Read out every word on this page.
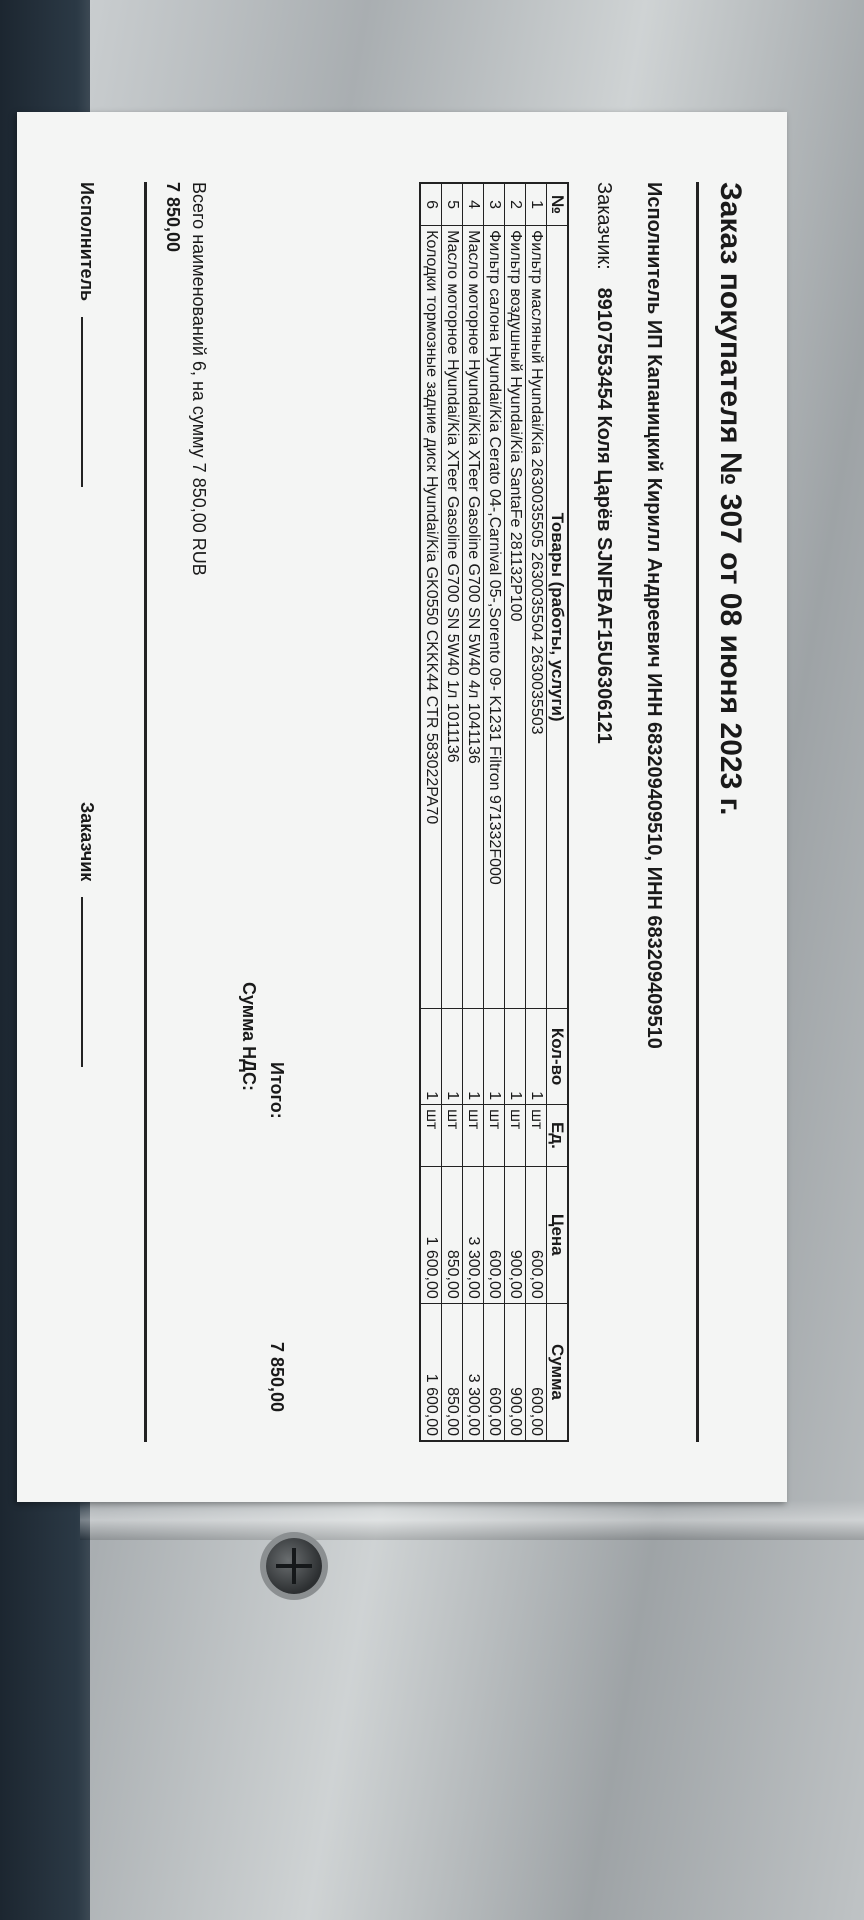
Заказ покупателя № 307 от 08 июня 2023 г.
Исполнитель ИП Капаницкий Кирилл Андреевич ИНН 683209409510, ИНН 683209409510
Заказчик: 89107553454 Коля Царёв SJNFBAF15U6306121
№	Товары (работы, услуги)	Кол-во	Ед.	Цена	Сумма
1	Фильтр масляный Hyundai/Kia 2630035505 2630035504 2630035503	1	шт	600,00	600,00
2	Фильтр воздушный Hyundai/Kia SantaFe 281132P100	1	шт	900,00	900,00
3	Фильтр салона Hyundai/Kia Cerato 04-,Carnival 05-,Sorento 09- K1231 Filtron 971332F000	1	шт	600,00	600,00
4	Масло моторное Hyundai/Kia XTeer Gasoline G700 SN 5W40 4л 1041136	1	шт	3 300,00	3 300,00
5	Масло моторное Hyundai/Kia XTeer Gasoline G700 SN 5W40 1л 1011136	1	шт	850,00	850,00
6	Колодки тормозные задние диск Hyundai/Kia GK0550 CKKK44 CTR 583022PA70	1	шт	1 600,00	1 600,00
Итого:
7 850,00
Сумма НДС:
Всего наименований 6, на сумму 7 850,00 RUB
7 850,00
Исполнитель
Заказчик
